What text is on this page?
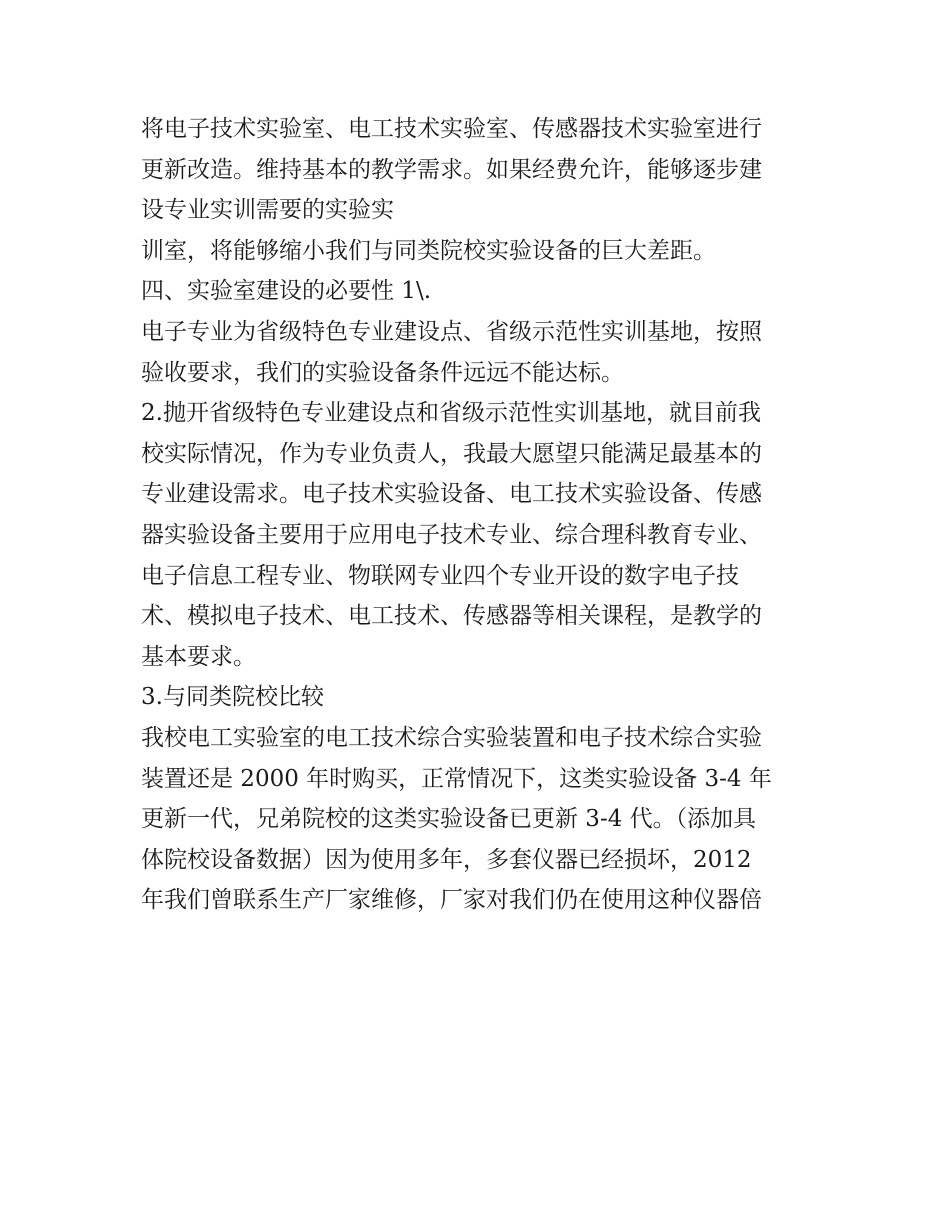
将电子技术实验室、电工技术实验室、传感器技术实验室进行
更新改造。维持基本的教学需求。如果经费允许，能够逐步建
设专业实训需要的实验实
训室，将能够缩小我们与同类院校实验设备的巨大差距。
四、实验室建设的必要性 1\.
电子专业为省级特色专业建设点、省级示范性实训基地，按照
验收要求，我们的实验设备条件远远不能达标。
2.抛开省级特色专业建设点和省级示范性实训基地，就目前我
校实际情况，作为专业负责人，我最大愿望只能满足最基本的
专业建设需求。电子技术实验设备、电工技术实验设备、传感
器实验设备主要用于应用电子技术专业、综合理科教育专业、
电子信息工程专业、物联网专业四个专业开设的数字电子技
术、模拟电子技术、电工技术、传感器等相关课程，是教学的
基本要求。
3.与同类院校比较
我校电工实验室的电工技术综合实验装置和电子技术综合实验
装置还是 2000 年时购买，正常情况下，这类实验设备 3-4 年
更新一代，兄弟院校的这类实验设备已更新 3-4 代。（添加具
体院校设备数据）因为使用多年，多套仪器已经损坏，2012
年我们曾联系生产厂家维修，厂家对我们仍在使用这种仪器倍
